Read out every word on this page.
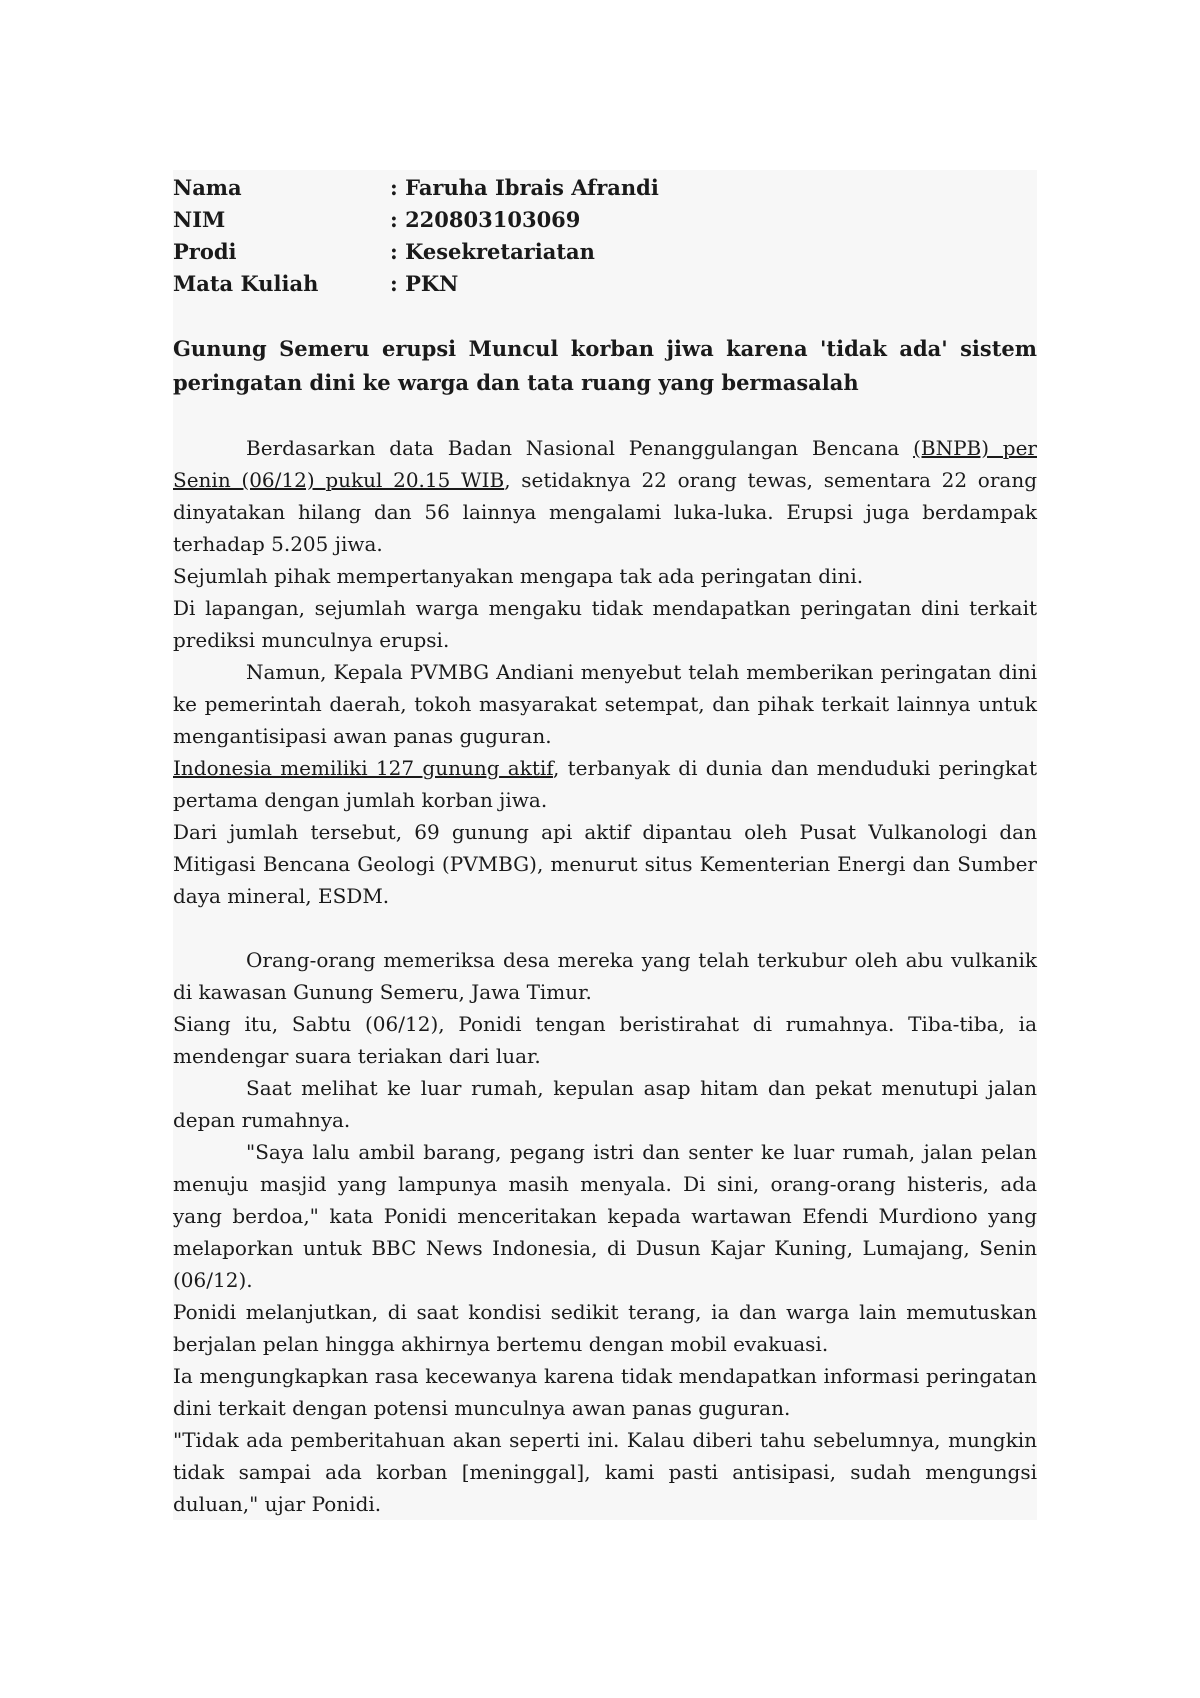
Nama	: Faruha Ibrais Afrandi
NIM	: 220803103069
Prodi	: Kesekretariatan
Mata Kuliah	: PKN
Gunung Semeru erupsi Muncul korban jiwa karena 'tidak ada' sistem peringatan dini ke warga dan tata ruang yang bermasalah

Berdasarkan data Badan Nasional Penanggulangan Bencana (BNPB) per Senin (06/12) pukul 20.15 WIB, setidaknya 22 orang tewas, sementara 22 orang dinyatakan hilang dan 56 lainnya mengalami luka-luka. Erupsi juga berdampak terhadap 5.205 jiwa.

Sejumlah pihak mempertanyakan mengapa tak ada peringatan dini.

Di lapangan, sejumlah warga mengaku tidak mendapatkan peringatan dini terkait prediksi munculnya erupsi.

Namun, Kepala PVMBG Andiani menyebut telah memberikan peringatan dini ke pemerintah daerah, tokoh masyarakat setempat, dan pihak terkait lainnya untuk mengantisipasi awan panas guguran.

Indonesia memiliki 127 gunung aktif, terbanyak di dunia dan menduduki peringkat pertama dengan jumlah korban jiwa.

Dari jumlah tersebut, 69 gunung api aktif dipantau oleh Pusat Vulkanologi dan Mitigasi Bencana Geologi (PVMBG), menurut situs Kementerian Energi dan Sumber daya mineral, ESDM.

Orang-orang memeriksa desa mereka yang telah terkubur oleh abu vulkanik di kawasan Gunung Semeru, Jawa Timur.

Siang itu, Sabtu (06/12), Ponidi tengan beristirahat di rumahnya. Tiba-tiba, ia mendengar suara teriakan dari luar.

Saat melihat ke luar rumah, kepulan asap hitam dan pekat menutupi jalan depan rumahnya.

"Saya lalu ambil barang, pegang istri dan senter ke luar rumah, jalan pelan menuju masjid yang lampunya masih menyala. Di sini, orang-orang histeris, ada yang berdoa," kata Ponidi menceritakan kepada wartawan Efendi Murdiono yang melaporkan untuk BBC News Indonesia, di Dusun Kajar Kuning, Lumajang, Senin (06/12).

Ponidi melanjutkan, di saat kondisi sedikit terang, ia dan warga lain memutuskan berjalan pelan hingga akhirnya bertemu dengan mobil evakuasi.

Ia mengungkapkan rasa kecewanya karena tidak mendapatkan informasi peringatan dini terkait dengan potensi munculnya awan panas guguran.

"Tidak ada pemberitahuan akan seperti ini. Kalau diberi tahu sebelumnya, mungkin tidak sampai ada korban [meninggal], kami pasti antisipasi, sudah mengungsi duluan," ujar Ponidi.
